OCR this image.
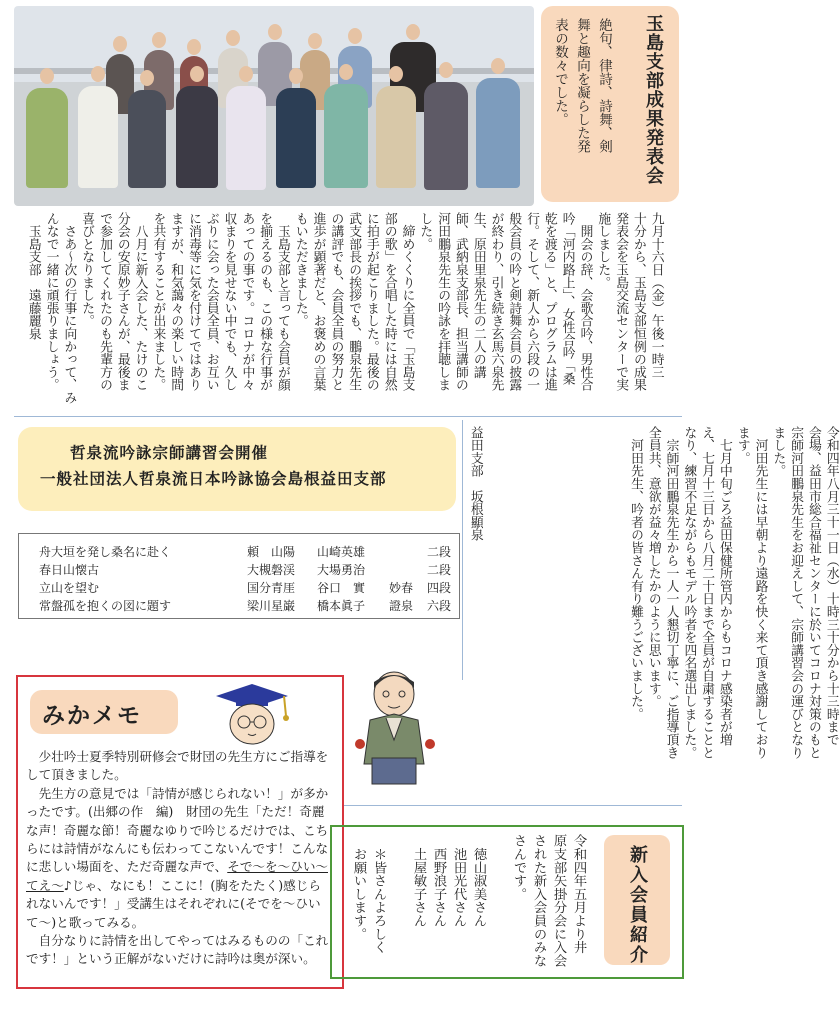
玉島支部成果発表会
絶句、律詩、詩舞、剣
舞と趣向を凝らした発
表の数々でした。
九月十六日（金）午後一時三
十分から、玉島支部恒例の成果
発表会を玉島交流センターで実
施しました。
　開会の辞、会歌合吟、男性合
吟「河内路上」、女性合吟「桑
乾を渡る」と、プログラムは進
行。そして、新人から六段の一
般会員の吟と剣詩舞会員の披露
が終わり、引き続き玄馬六泉先
生、原田里泉先生の二人の講
師、武納泉支部長、担当講師の
河田鵬泉先生の吟詠を拝聴しま
した。
　締めくくりに全員で「玉島支
部の歌」を合唱した時には自然
に拍手が起こりました。最後の
武支部長の挨拶でも、鵬泉先生
の講評でも、会員全員の努力と
進歩が顕著だと、お褒めの言葉
もいただきました。
　玉島支部と言っても会員が顔
を揃えるのも、この様な行事が
あっての事です。コロナが中々
収まりを見せない中でも、久し
ぶりに会った会員全員、お互い
に消毒等に気を付けてではあり
ますが、和気藹々の楽しい時間
を共有することが出来ました。
　八月に新入会した、たけのこ
分会の安原妙子さんが、最後ま
で参加してくれたのも先輩方の
喜びとなりました。
　さあ～次の行事に向かって、み
んなで一緒に頑張りましょう。
　玉島支部　遠藤麗泉
哲泉流吟詠宗師講習会開催
一般社団法人哲泉流日本吟詠協会島根益田支部
舟大垣を発し桑名に赴く	頼　山陽 山崎英雄	二段
春日山懐古	大槻磐渓 大場勇治	二段
立山を望む	国分青厓 谷口　實　　妙春 四段
常盤孤を抱くの図に題す	梁川星巌 橋本眞子　　證泉 六段	令和四年八月三十一日（水）十時三十分から十三時まで
会場、益田市総合福祉センターに於いてコロナ対策のもと
宗師河田鵬泉先生をお迎えして、宗師講習会の運びとなり
ました。
　河田先生には早朝より遠路を快く来て頂き感謝しており
ます。
　七月中旬ごろ益田保健所管内からもコロナ感染者が増
え、七月十三日から八月二十日まで全員が自粛することと
なり、練習不足ながらもモデル吟者を四名選出しました。
　宗師河田鵬泉先生から一人一人懇切丁寧に、ご指導頂き
全員共、意欲が益々増したかのように思います。
　河田先生、吟者の皆さん有り難うございました。

益田支部　坂根顯泉
みかメモ

少壮吟士夏季特別研修会で財団の先生方にご指導をして頂きました。

先生方の意見では「詩情が感じられない！」が多かったです。(出郷の作　編)　財団の先生「ただ！奇麗な声！奇麗な節！奇麗なゆりで吟じるだけでは、こちらには詩情がなんにも伝わってこないんです！こんなに悲しい場面を、ただ奇麗な声で、そで～を～ひい～てえ～♪じゃ、なにも！ここに！(胸をたたく)感じられないんです！」受講生はそれぞれに(そでを～ひいて～)と歌ってみる。

自分なりに詩情を出してやってはみるものの「これです！」という正解がないだけに詩吟は奥が深い。	新入会員紹介
令和四年五月より井
原支部矢掛分会に入会
された新入会員のみな
さんです。

　徳山淑美さん
　池田光代さん
　西野浪子さん
　土屋敏子さん

　＊皆さんよろしく
　お願いします。
